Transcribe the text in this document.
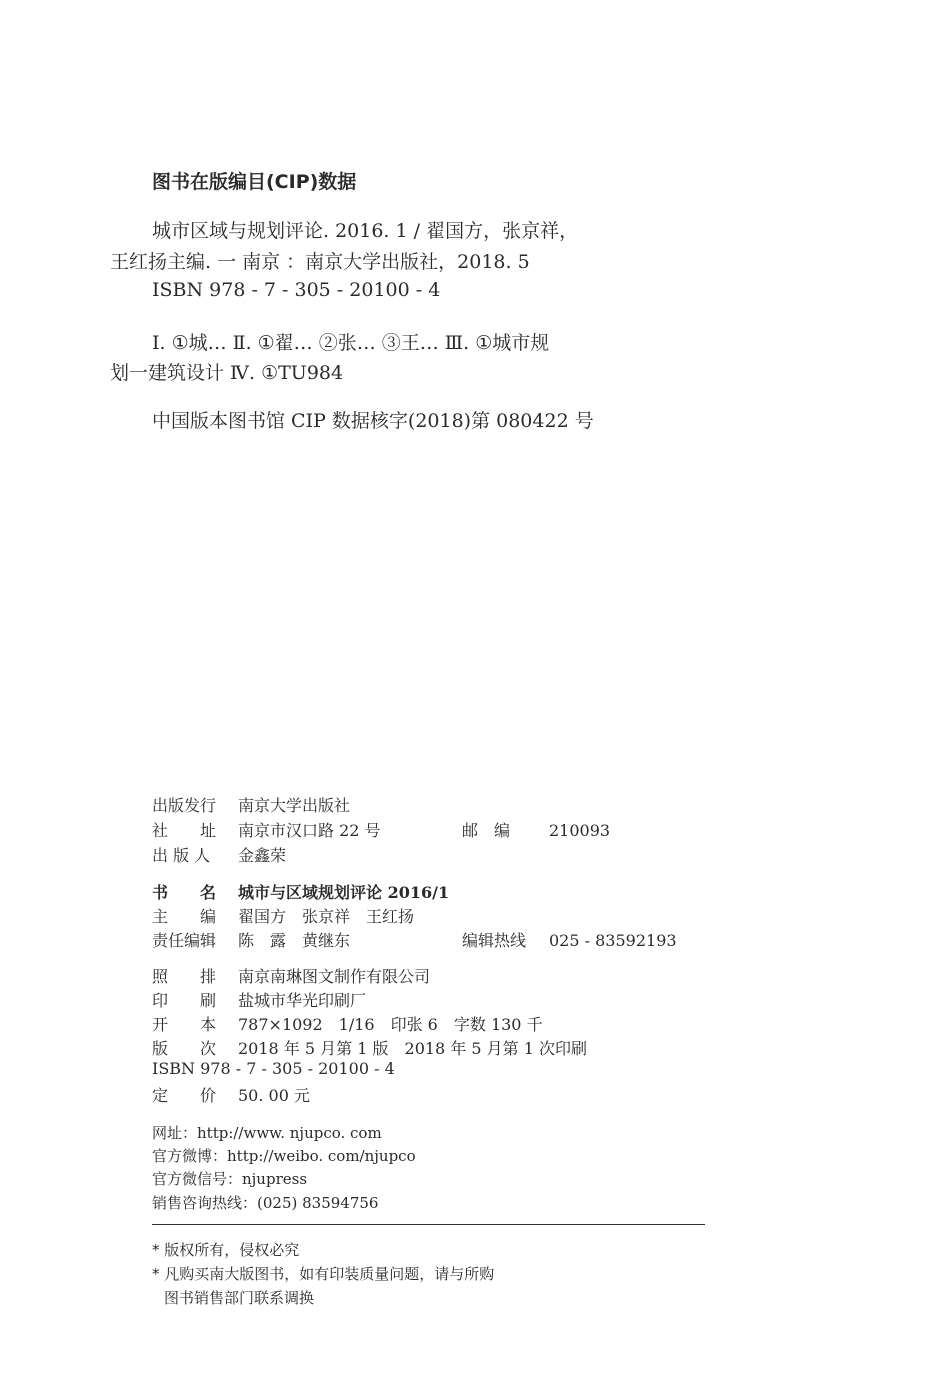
图书在版编目(CIP)数据
城市区域与规划评论. 2016. 1 / 翟国方，张京祥，
王红扬主编. 一 南京 ：南京大学出版社，2018. 5
ISBN 978 - 7 - 305 - 20100 - 4
Ⅰ. ①城… Ⅱ. ①翟… ②张… ③王… Ⅲ. ①城市规
划一建筑设计 Ⅳ. ①TU984
中国版本图书馆 CIP 数据核字(2018)第 080422 号
出版发行 南京大学出版社
社　　址 南京市汉口路 22 号	邮　编 210093
出 版 人 金鑫荣
书　　名 城市与区域规划评论 2016/1
主　　编 翟国方　张京祥　王红扬
责任编辑 陈　露　黄继东	编辑热线 025 - 83592193
照　　排 南京南琳图文制作有限公司
印　　刷 盐城市华光印刷厂
开　　本 787×1092　1/16　印张 6　字数 130 千
版　　次 2018 年 5 月第 1 版　2018 年 5 月第 1 次印刷
ISBN 978 - 7 - 305 - 20100 - 4
定　　价 50. 00 元
网址：http://www. njupco. com
官方微博：http://weibo. com/njupco
官方微信号：njupress
销售咨询热线：(025) 83594756
* 版权所有，侵权必究
* 凡购买南大版图书，如有印装质量问题，请与所购
图书销售部门联系调换
